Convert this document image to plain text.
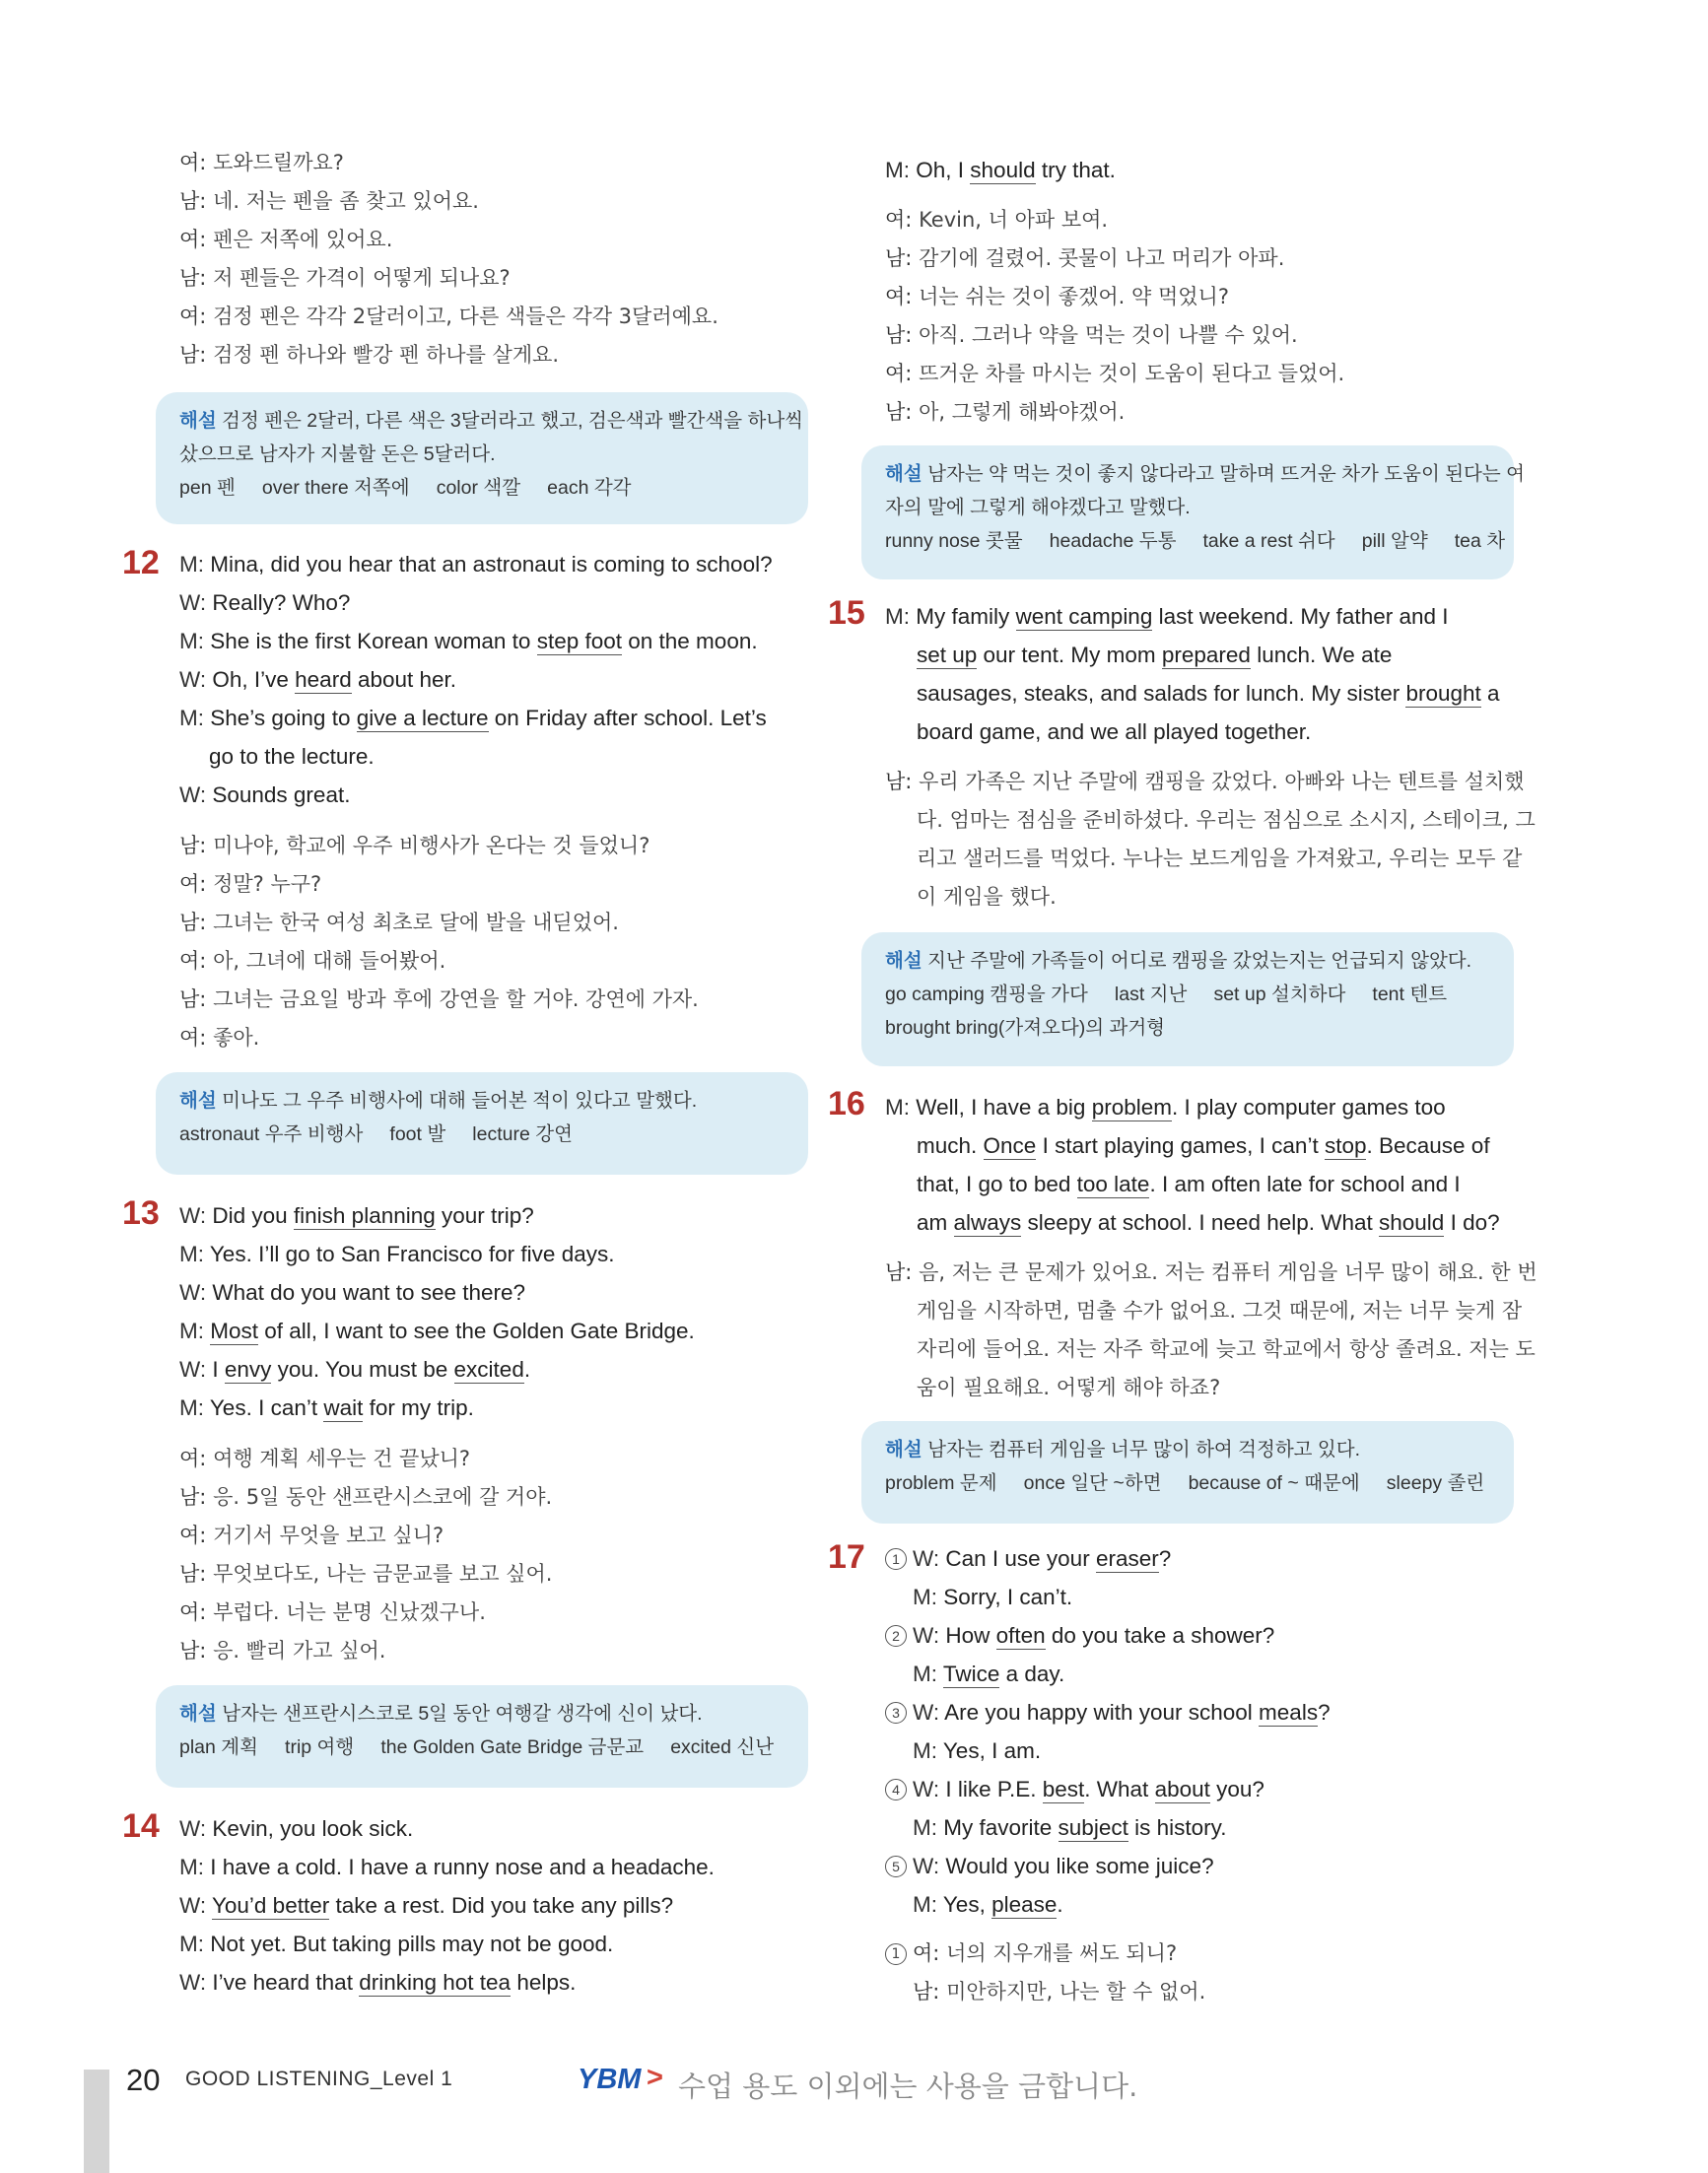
여: 도와드릴까요?
남: 네. 저는 펜을 좀 찾고 있어요.
여: 펜은 저쪽에 있어요.
남: 저 펜들은 가격이 어떻게 되나요?
여: 검정 펜은 각각 2달러이고, 다른 색들은 각각 3달러예요.
남: 검정 펜 하나와 빨강 펜 하나를 살게요.
해설 검정 펜은 2달러, 다른 색은 3달러라고 했고, 검은색과 빨간색을 하나씩
샀으므로 남자가 지불할 돈은 5달러다.
pen 펜     over there 저쪽에     color 색깔     each 각각
12 M: Mina, did you hear that an astronaut is coming to school?
W: Really? Who?
M: She is the first Korean woman to step foot on the moon.
W: Oh, I’ve heard about her.
M: She’s going to give a lecture on Friday after school. Let’s
go to the lecture.
W: Sounds great.
남: 미나야, 학교에 우주 비행사가 온다는 것 들었니?
여: 정말? 누구?
남: 그녀는 한국 여성 최초로 달에 발을 내딛었어.
여: 아, 그녀에 대해 들어봤어.
남: 그녀는 금요일 방과 후에 강연을 할 거야. 강연에 가자.
여: 좋아.
해설 미나도 그 우주 비행사에 대해 들어본 적이 있다고 말했다.
astronaut 우주 비행사     foot 발     lecture 강연
13 W: Did you finish planning your trip?
M: Yes. I’ll go to San Francisco for five days.
W: What do you want to see there?
M: Most of all, I want to see the Golden Gate Bridge.
W: I envy you. You must be excited.
M: Yes. I can’t wait for my trip.
여: 여행 계획 세우는 건 끝났니?
남: 응. 5일 동안 샌프란시스코에 갈 거야.
여: 거기서 무엇을 보고 싶니?
남: 무엇보다도, 나는 금문교를 보고 싶어.
여: 부럽다. 너는 분명 신났겠구나.
남: 응. 빨리 가고 싶어.
해설 남자는 샌프란시스코로 5일 동안 여행갈 생각에 신이 났다.
plan 계획     trip 여행     the Golden Gate Bridge 금문교     excited 신난
14 W: Kevin, you look sick.
M: I have a cold. I have a runny nose and a headache.
W: You’d better take a rest. Did you take any pills?
M: Not yet. But taking pills may not be good.
W: I’ve heard that drinking hot tea helps.
M: Oh, I should try that.
여: Kevin, 너 아파 보여.
남: 감기에 걸렸어. 콧물이 나고 머리가 아파.
여: 너는 쉬는 것이 좋겠어. 약 먹었니?
남: 아직. 그러나 약을 먹는 것이 나쁠 수 있어.
여: 뜨거운 차를 마시는 것이 도움이 된다고 들었어.
남: 아, 그렇게 해봐야겠어.
해설 남자는 약 먹는 것이 좋지 않다라고 말하며 뜨거운 차가 도움이 된다는 여
자의 말에 그렇게 해야겠다고 말했다.
runny nose 콧물     headache 두통     take a rest 쉬다     pill 알약     tea 차
15 M: My family went camping last weekend. My father and I
set up our tent. My mom prepared lunch. We ate
sausages, steaks, and salads for lunch. My sister brought a
board game, and we all played together.
남: 우리 가족은 지난 주말에 캠핑을 갔었다. 아빠와 나는 텐트를 설치했
다. 엄마는 점심을 준비하셨다. 우리는 점심으로 소시지, 스테이크, 그
리고 샐러드를 먹었다. 누나는 보드게임을 가져왔고, 우리는 모두 같
이 게임을 했다.
해설 지난 주말에 가족들이 어디로 캠핑을 갔었는지는 언급되지 않았다.
go camping 캠핑을 가다     last 지난     set up 설치하다     tent 텐트
brought bring(가져오다)의 과거형
16 M: Well, I have a big problem. I play computer games too
much. Once I start playing games, I can’t stop. Because of
that, I go to bed too late. I am often late for school and I
am always sleepy at school. I need help. What should I do?
남: 음, 저는 큰 문제가 있어요. 저는 컴퓨터 게임을 너무 많이 해요. 한 번
게임을 시작하면, 멈출 수가 없어요. 그것 때문에, 저는 너무 늦게 잠
자리에 들어요. 저는 자주 학교에 늦고 학교에서 항상 졸려요. 저는 도
움이 필요해요. 어떻게 해야 하죠?
해설 남자는 컴퓨터 게임을 너무 많이 하여 걱정하고 있다.
problem 문제     once 일단 ~하면     because of ~ 때문에     sleepy 졸린
17	1 W: Can I use your eraser?
M: Sorry, I can’t.
2 W: How often do you take a shower?
M: Twice a day.
3 W: Are you happy with your school meals?
M: Yes, I am.
4 W: I like P.E. best. What about you?
M: My favorite subject is history.
5 W: Would you like some juice?
M: Yes, please.
1 여: 너의 지우개를 써도 되니?
남: 미안하지만, 나는 할 수 없어.
20 GOOD LISTENING_Level 1	YBM > 수업 용도 이외에는 사용을 금합니다.
